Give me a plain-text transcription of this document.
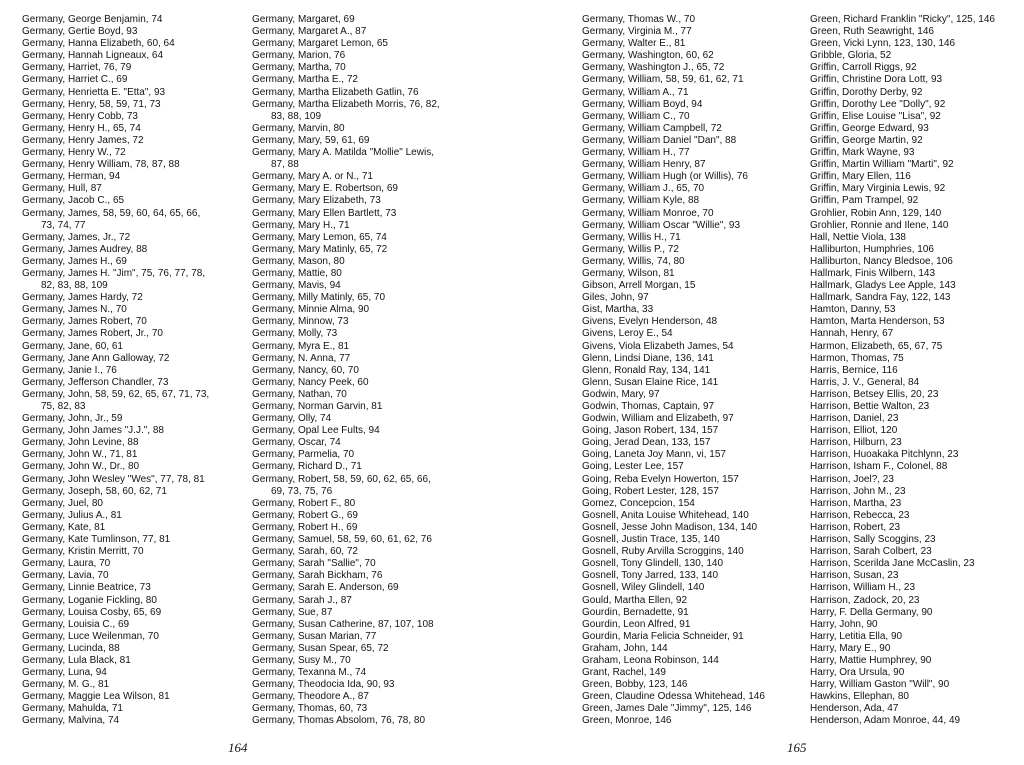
Germany, George Benjamin, 74
Germany, Gertie Boyd, 93
Germany, Hanna Elizabeth, 60, 64
Germany, Hannah Ligneaux, 64
Germany, Harriet, 76, 79
Germany, Harriet C., 69
Germany, Henrietta E. "Etta", 93
Germany, Henry, 58, 59, 71, 73
Germany, Henry Cobb, 73
Germany, Henry H., 65, 74
Germany, Henry James, 72
Germany, Henry W., 72
Germany, Henry William, 78, 87, 88
Germany, Herman, 94
Germany, Hull, 87
Germany, Jacob C., 65
Germany, James, 58, 59, 60, 64, 65, 66,
73, 74, 77
Germany, James, Jr., 72
Germany, James Audrey, 88
Germany, James H., 69
Germany, James H. "Jim", 75, 76, 77, 78,
82, 83, 88, 109
Germany, James Hardy, 72
Germany, James N., 70
Germany, James Robert, 70
Germany, James Robert, Jr., 70
Germany, Jane, 60, 61
Germany, Jane Ann Galloway, 72
Germany, Janie I., 76
Germany, Jefferson Chandler, 73
Germany, John, 58, 59, 62, 65, 67, 71, 73,
75, 82, 83
Germany, John, Jr., 59
Germany, John James "J.J.", 88
Germany, John Levine, 88
Germany, John W., 71, 81
Germany, John W., Dr., 80
Germany, John Wesley "Wes", 77, 78, 81
Germany, Joseph, 58, 60, 62, 71
Germany, Juel, 80
Germany, Julius A., 81
Germany, Kate, 81
Germany, Kate Tumlinson, 77, 81
Germany, Kristin Merritt, 70
Germany, Laura, 70
Germany, Lavia, 70
Germany, Linnie Beatrice, 73
Germany, Loganie Fickling, 80
Germany, Louisa Cosby, 65, 69
Germany, Louisia C., 69
Germany, Luce Weilenman, 70
Germany, Lucinda, 88
Germany, Lula Black, 81
Germany, Luna, 94
Germany, M. G., 81
Germany, Maggie Lea Wilson, 81
Germany, Mahulda, 71
Germany, Malvina, 74
Germany, Margaret, 69
Germany, Margaret A., 87
Germany, Margaret Lemon, 65
Germany, Marion, 76
Germany, Martha, 70
Germany, Martha E., 72
Germany, Martha Elizabeth Gatlin, 76
Germany, Martha Elizabeth Morris, 76, 82,
83, 88, 109
Germany, Marvin, 80
Germany, Mary, 59, 61, 69
Germany, Mary A. Matilda "Mollie" Lewis,
87, 88
Germany, Mary A. or N., 71
Germany, Mary E. Robertson, 69
Germany, Mary Elizabeth, 73
Germany, Mary Ellen Bartlett, 73
Germany, Mary H., 71
Germany, Mary Lemon, 65, 74
Germany, Mary Matinly, 65, 72
Germany, Mason, 80
Germany, Mattie, 80
Germany, Mavis, 94
Germany, Milly Matinly, 65, 70
Germany, Minnie Alma, 90
Germany, Minnow, 73
Germany, Molly, 73
Germany, Myra E., 81
Germany, N. Anna, 77
Germany, Nancy, 60, 70
Germany, Nancy Peek, 60
Germany, Nathan, 70
Germany, Norman Garvin, 81
Germany, Olly, 74
Germany, Opal Lee Fults, 94
Germany, Oscar, 74
Germany, Parmelia, 70
Germany, Richard D., 71
Germany, Robert, 58, 59, 60, 62, 65, 66,
69, 73, 75, 76
Germany, Robert F., 80
Germany, Robert G., 69
Germany, Robert H., 69
Germany, Samuel, 58, 59, 60, 61, 62, 76
Germany, Sarah, 60, 72
Germany, Sarah "Sallie", 70
Germany, Sarah Bickham, 76
Germany, Sarah E. Anderson, 69
Germany, Sarah J., 87
Germany, Sue, 87
Germany, Susan Catherine, 87, 107, 108
Germany, Susan Marian, 77
Germany, Susan Spear, 65, 72
Germany, Susy M., 70
Germany, Texanna M., 74
Germany, Theodocia Ida, 90, 93
Germany, Theodore A., 87
Germany, Thomas, 60, 73
Germany, Thomas Absolom, 76, 78, 80
164
Germany, Thomas W., 70
Germany, Virginia M., 77
Germany, Walter E., 81
Germany, Washington, 60, 62
Germany, Washington J., 65, 72
Germany, William, 58, 59, 61, 62, 71
Germany, William A., 71
Germany, William Boyd, 94
Germany, William C., 70
Germany, William Campbell, 72
Germany, William Daniel "Dan", 88
Germany, William H., 77
Germany, William Henry, 87
Germany, William Hugh (or Willis), 76
Germany, William J., 65, 70
Germany, William Kyle, 88
Germany, William Monroe, 70
Germany, William Oscar "Willie", 93
Germany, Willis H., 71
Germany, Willis P., 72
Germany, Willis, 74, 80
Germany, Wilson, 81
Gibson, Arrell Morgan, 15
Giles, John, 97
Gist, Martha, 33
Givens, Evelyn Henderson, 48
Givens, Leroy E., 54
Givens, Viola Elizabeth James, 54
Glenn, Lindsi Diane, 136, 141
Glenn, Ronald Ray, 134, 141
Glenn, Susan Elaine Rice, 141
Godwin, Mary, 97
Godwin, Thomas, Captain, 97
Godwin, William and Elizabeth, 97
Going, Jason Robert, 134, 157
Going, Jerad Dean, 133, 157
Going, Laneta Joy Mann, vi, 157
Going, Lester Lee, 157
Going, Reba Evelyn Howerton, 157
Going, Robert Lester, 128, 157
Gomez, Concepcion, 154
Gosnell, Anita Louise Whitehead, 140
Gosnell, Jesse John Madison, 134, 140
Gosnell, Justin Trace, 135, 140
Gosnell, Ruby Arvilla Scroggins, 140
Gosnell, Tony Glindell, 130, 140
Gosnell, Tony Jarred, 133, 140
Gosnell, Wiley Glindell, 140
Gould, Martha Ellen, 92
Gourdin, Bernadette, 91
Gourdin, Leon Alfred, 91
Gourdin, Maria Felicia Schneider, 91
Graham, John, 144
Graham, Leona Robinson, 144
Grant, Rachel, 149
Green, Bobby, 123, 146
Green, Claudine Odessa Whitehead, 146
Green, James Dale "Jimmy", 125, 146
Green, Monroe, 146
Green, Richard Franklin "Ricky", 125, 146
Green, Ruth Seawright, 146
Green, Vicki Lynn, 123, 130, 146
Gribble, Gloria, 52
Griffin, Carroll Riggs, 92
Griffin, Christine Dora Lott, 93
Griffin, Dorothy Derby, 92
Griffin, Dorothy Lee "Dolly", 92
Griffin, Elise Louise "Lisa", 92
Griffin, George Edward, 93
Griffin, George Martin, 92
Griffin, Mark Wayne, 93
Griffin, Martin William "Marti", 92
Griffin, Mary Ellen, 116
Griffin, Mary Virginia Lewis, 92
Griffin, Pam Trampel, 92
Grohlier, Robin Ann, 129, 140
Grohlier, Ronnie and Ilene, 140
Hall, Nettie Viola, 138
Halliburton, Humphries, 106
Halliburton, Nancy Bledsoe, 106
Hallmark, Finis Wilbern, 143
Hallmark, Gladys Lee Apple, 143
Hallmark, Sandra Fay, 122, 143
Hamton, Danny, 53
Hamton, Marta Henderson, 53
Hannah, Henry, 67
Harmon, Elizabeth, 65, 67, 75
Harmon, Thomas, 75
Harris, Bernice, 116
Harris, J. V., General, 84
Harrison, Betsey Ellis, 20, 23
Harrison, Bettie Walton, 23
Harrison, Daniel, 23
Harrison, Elliot, 120
Harrison, Hilburn, 23
Harrison, Huoakaka Pitchlynn, 23
Harrison, Isham F., Colonel, 88
Harrison, Joel?, 23
Harrison, John M., 23
Harrison, Martha, 23
Harrison, Rebecca, 23
Harrison, Robert, 23
Harrison, Sally Scoggins, 23
Harrison, Sarah Colbert, 23
Harrison, Scerilda Jane McCaslin, 23
Harrison, Susan, 23
Harrison, William H., 23
Harrison, Zadock, 20, 23
Harry, F. Della Germany, 90
Harry, John, 90
Harry, Letitia Ella, 90
Harry, Mary E., 90
Harry, Mattie Humphrey, 90
Harry, Ora Ursula, 90
Harry, William Gaston "Will", 90
Hawkins, Ellephan, 80
Henderson, Ada, 47
Henderson, Adam Monroe, 44, 49
165
